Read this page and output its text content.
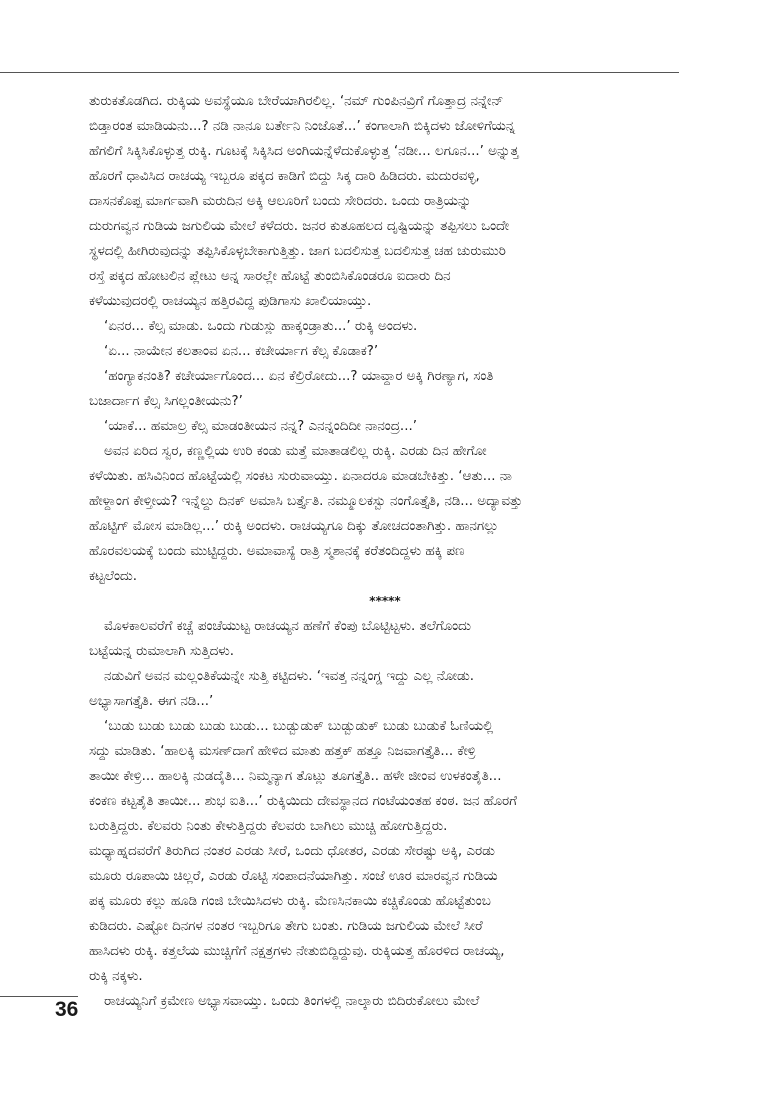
ತುರುಕತೊಡಗಿದ. ರುಕ್ಕಿಯ ಅವಸ್ಥೆಯೂ ಬೇರೆಯಾಗಿರಲಿಲ್ಲ. ‘ನಮ್ ಗುಂಪಿನವ್ರಿಗೆ ಗೊತ್ತಾದ್ರ ನನ್ನೇನ್
ಬಿಡ್ತಾರಂತ ಮಾಡಿಯನು...? ನಡಿ ನಾನೂ ಬರ್ತೇನಿ ನಿಂಜೊತೆ...’ ಕಂಗಾಲಾಗಿ ಬಿಕ್ಕಿದಳು ಜೋಳಿಗೆಯನ್ನ
ಹೆಗಲಿಗೆ ಸಿಕ್ಕಿಸಿಕೊಳ್ಳುತ್ತ ರುಕ್ಕಿ. ಗೂಟಕ್ಕೆ ಸಿಕ್ಕಿಸಿದ ಅಂಗಿಯನ್ನೆಳೆದುಕೊಳ್ಳುತ್ತ ‘ನಡೀ... ಲಗೂನ...’ ಅನ್ನುತ್ತ
ಹೊರಗೆ ಧಾವಿಸಿದ ರಾಚಯ್ಯ ಇಬ್ಬರೂ ಪಕ್ಕದ ಕಾಡಿಗೆ ಬಿದ್ದು ಸಿಕ್ಕ ದಾರಿ ಹಿಡಿದರು. ಮದುರವಳ್ಳಿ,
ದಾಸನಕೊಪ್ಪ ಮಾರ್ಗವಾಗಿ ಮರುದಿನ ಅಕ್ಕಿ ಆಲೂರಿಗೆ ಬಂದು ಸೇರಿದರು. ಒಂದು ರಾತ್ರಿಯನ್ನು
ದುರುಗವ್ವನ ಗುಡಿಯ ಜಗುಲಿಯ ಮೇಲೆ ಕಳೆದರು. ಜನರ ಕುತೂಹಲದ ದೃಷ್ಟಿಯನ್ನು ತಪ್ಪಿಸಲು ಒಂದೇ
ಸ್ಥಳದಲ್ಲಿ ಹೀಗಿರುವುದನ್ನು ತಪ್ಪಿಸಿಕೊಳ್ಳಬೇಕಾಗುತ್ತಿತ್ತು. ಜಾಗ ಬದಲಿಸುತ್ತ ಬದಲಿಸುತ್ತ ಚಹ ಚುರುಮುರಿ
ರಸ್ತೆ ಪಕ್ಕದ ಹೋಟಲಿನ ಪ್ಲೇಟು ಅನ್ನ ಸಾರಲ್ಲೇ ಹೊಟ್ಟೆ ತುಂಬಿಸಿಕೊಂಡರೂ ಐದಾರು ದಿನ
ಕಳೆಯುವುದರಲ್ಲಿ ರಾಚಯ್ಯನ ಹತ್ತಿರವಿದ್ದ ಪುಡಿಗಾಸು ಖಾಲಿಯಾಯ್ತು.
‘ಏನರ... ಕೆಲ್ಸ ಮಾಡು. ಒಂದು ಗುಡುಸ್ಲು ಹಾಕ್ಕಂಡ್ರಾತು...’ ರುಕ್ಕಿ ಅಂದಳು.
‘ಏ... ನಾಯೇನ ಕಲತಾಂವ ಏನ... ಕಚೇರ್ಯಾಗ ಕೆಲ್ಸ ಕೊಡಾಕ?’
‘ಹಂಗ್ಯಾಕನಂತಿ? ಕಚೇರ್ಯಾಗೊಂದ... ಏನ ಕೆಲ್ರಿರೋದು...? ಯಾವ್ದಾರ ಅಕ್ಕಿ ಗಿರಣ್ಯಾಗ, ಸಂತಿ
ಬಜಾರ್ದಾಗ ಕೆಲ್ಸ ಸಿಗಲ್ಲಂತೀಯನು?’
‘ಯಾಕೆ... ಹಮಾಲ್ರ ಕೆಲ್ಸ ಮಾಡಂತೀಯನ ನನ್ನ? ಎನನ್ನಂದಿದೀ ನಾನಂದ್ರ...’
ಅವನ ಏರಿದ ಸ್ವರ, ಕಣ್ಣಲ್ಲಿಯ ಉರಿ ಕಂಡು ಮತ್ತೆ ಮಾತಾಡಲಿಲ್ಲ ರುಕ್ಕಿ. ಎರಡು ದಿನ ಹೇಗೋ
ಕಳೆಯಿತು. ಹಸಿವಿನಿಂದ ಹೊಟ್ಟೆಯಲ್ಲಿ ಸಂಕಟ ಸುರುವಾಯ್ತು. ಏನಾದರೂ ಮಾಡಬೇಕಿತ್ತು. ‘ಆತು... ನಾ
ಹೇಳ್ದಾಂಗ ಕೇಳ್ತೀಯ? ಇನ್ನೆಲ್ದು ದಿನಕ್ ಅಮಾಸಿ ಬರ್ತ್ತೈತಿ. ನಮ್ಮೂಲಕಸ್ಬು ನಂಗೊತ್ತೈತಿ, ನಡಿ... ಅದ್ಯಾವತ್ತು
ಹೊಟ್ಟಿಗ್ ಮೋಸ ಮಾಡಿಲ್ಲ...’ ರುಕ್ಕಿ ಅಂದಳು. ರಾಚಯ್ಯಗೂ ದಿಕ್ಕು ತೋಚದಂತಾಗಿತ್ತು. ಹಾನಗಲ್ಲು
ಹೊರವಲಯಕ್ಕೆ ಬಂದು ಮುಟ್ಟಿದ್ದರು. ಅಮಾವಾಸ್ಯೆ ರಾತ್ರಿ ಸ್ಮಶಾನಕ್ಕೆ ಕರೆತಂದಿದ್ದಳು ಹಕ್ಕಿ ಪಣ
ಕಟ್ಟಲೆಂದು.
*****
ಮೊಳಕಾಲವರೆಗೆ ಕಚ್ಚೆ ಪಂಚೆಯುಟ್ಟ ರಾಚಯ್ಯನ ಹಣೆಗೆ ಕೆಂಪು ಬೊಟ್ಟಿಟ್ಟಳು. ತಲೆಗೊಂದು
ಬಟ್ಟೆಯನ್ನ ರುಮಾಲಾಗಿ ಸುತ್ತಿದಳು.
ನಡುವಿಗೆ ಅವನ ಮಲ್ಲಂತಿಕೆಯನ್ನೇ ಸುತ್ತಿ ಕಟ್ಟಿದಳು. ‘ಇವತ್ತ ನನ್ನಂಗ್ಡ ಇದ್ದು ಎಲ್ಲ ನೋಡು.
ಅಭ್ಯಾಸಾಗತ್ತೈತಿ. ಈಗ ನಡಿ...’
‘ಬುಡು ಬುಡು ಬುಡು ಬುಡು ಬುಡು... ಬುಡ್ಬುಡುಕ್ ಬುಡ್ಬುಡುಕ್ ಬುಡು ಬುಡುಕೆ ಓಣಿಯಲ್ಲಿ
ಸದ್ದು ಮಾಡಿತು. ‘ಹಾಲಕ್ಕಿ ಮಸಣ್‌ದಾಗೆ ಹೇಳಿದ ಮಾತು ಹತ್ತಕ್ ಹತ್ತೂ ನಿಜವಾಗತ್ತೈತಿ... ಕೇಳ್ರಿ
ತಾಯೀ ಕೇಳ್ರಿ... ಹಾಲಕ್ಕಿ ನುಡದೈತಿ... ನಿಮ್ಮನ್ಯಾಗ ತೊಟ್ಲು ತೂಗತ್ತೈತಿ.. ಹಳೇ ಜೀಂವ ಉಳಕಂತೈತಿ...
ಕಂಕಣ ಕಟ್ಟತೈತಿ ತಾಯೀ... ಶುಭ ಐತಿ...’ ರುಕ್ಕಿಯಿದು ದೇವಸ್ಥಾನದ ಗಂಟೆಯಂತಹ ಕಂಠ. ಜನ ಹೊರಗೆ
ಬರುತ್ತಿದ್ದರು. ಕೆಲವರು ನಿಂತು ಕೇಳುತ್ತಿದ್ದರು ಕೆಲವರು ಬಾಗಿಲು ಮುಚ್ಚಿ ಹೋಗುತ್ತಿದ್ದರು.
ಮಧ್ಯಾಹ್ನದವರೆಗೆ ತಿರುಗಿದ ನಂತರ ಎರಡು ಸೀರೆ, ಒಂದು ಧೋತರ, ಎರಡು ಸೇರಷ್ಟು ಅಕ್ಕಿ, ಎರಡು
ಮೂರು ರೂಪಾಯಿ ಚಿಲ್ಲರೆ, ಎರಡು ರೊಟ್ಟಿ ಸಂಪಾದನೆಯಾಗಿತ್ತು. ಸಂಜೆ ಊರ ಮಾರವ್ವನ ಗುಡಿಯ
ಪಕ್ಕ ಮೂರು ಕಲ್ಲು ಹೂಡಿ ಗಂಜಿ ಬೇಯಿಸಿದಳು ರುಕ್ಕಿ. ಮೆಣಸಿನಕಾಯಿ ಕಚ್ಚಿಕೊಂಡು ಹೊಟ್ಟೆತುಂಬ
ಕುಡಿದರು. ಎಷ್ಟೋ ದಿನಗಳ ನಂತರ ಇಬ್ಬರಿಗೂ ತೇಗು ಬಂತು. ಗುಡಿಯ ಜಗುಲಿಯ ಮೇಲೆ ಸೀರೆ
ಹಾಸಿದಳು ರುಕ್ಕಿ. ಕತ್ತಲೆಯ ಮುಚ್ಚಿಗೆಗೆ ನಕ್ಷತ್ರಗಳು ನೇತುಬಿದ್ದಿದ್ದುವು. ರುಕ್ಕಿಯತ್ತ ಹೊರಳಿದ ರಾಚಯ್ಯ,
ರುಕ್ಕಿ ನಕ್ಕಳು.
ರಾಚಯ್ಯನಿಗೆ ಕ್ರಮೇಣ ಅಭ್ಯಾಸವಾಯ್ತು. ಒಂದು ತಿಂಗಳಲ್ಲಿ ನಾಲ್ಕಾರು ಬಿದಿರುಕೋಲು ಮೇಲೆ
36
